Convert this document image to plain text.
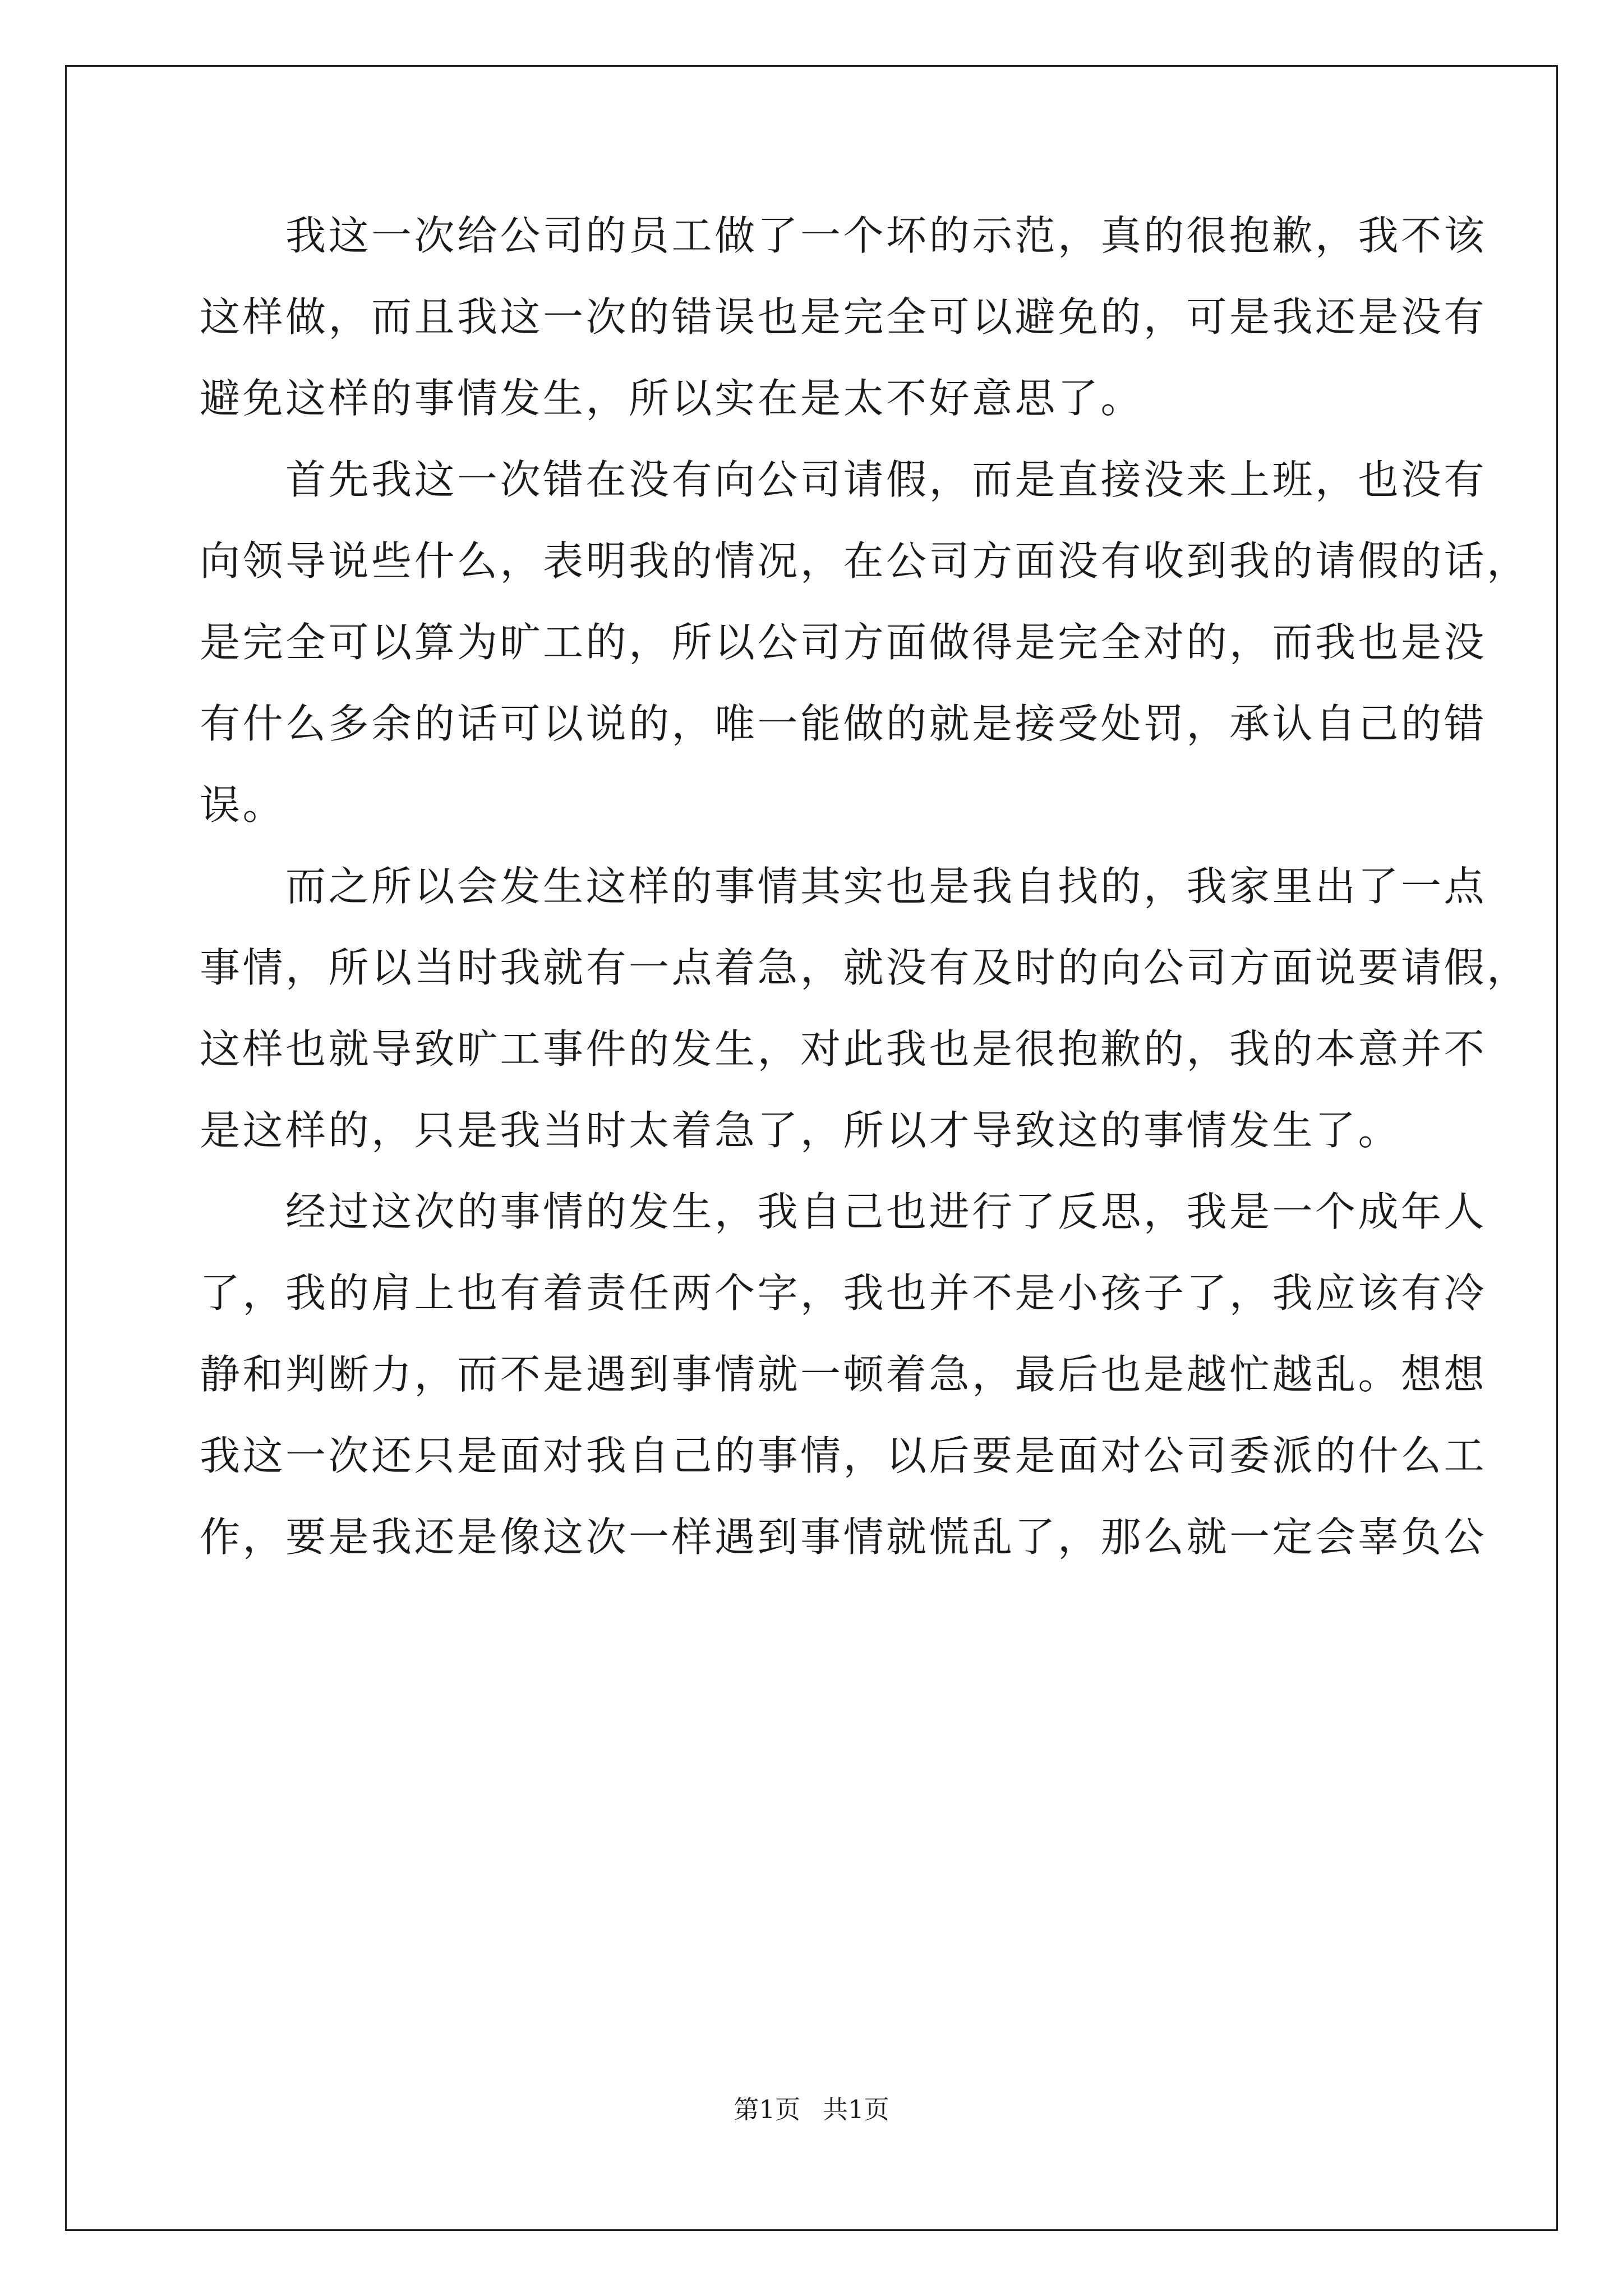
　　我这一次给公司的员工做了一个坏的示范，真的很抱歉，我不该
这样做，而且我这一次的错误也是完全可以避免的，可是我还是没有
避免这样的事情发生，所以实在是太不好意思了。
　　首先我这一次错在没有向公司请假，而是直接没来上班，也没有
向领导说些什么，表明我的情况，在公司方面没有收到我的请假的话，
是完全可以算为旷工的，所以公司方面做得是完全对的，而我也是没
有什么多余的话可以说的，唯一能做的就是接受处罚，承认自己的错
误。
　　而之所以会发生这样的事情其实也是我自找的，我家里出了一点
事情，所以当时我就有一点着急，就没有及时的向公司方面说要请假，
这样也就导致旷工事件的发生，对此我也是很抱歉的，我的本意并不
是这样的，只是我当时太着急了，所以才导致这的事情发生了。
　　经过这次的事情的发生，我自己也进行了反思，我是一个成年人
了，我的肩上也有着责任两个字，我也并不是小孩子了，我应该有冷
静和判断力，而不是遇到事情就一顿着急，最后也是越忙越乱。想想
我这一次还只是面对我自己的事情，以后要是面对公司委派的什么工
作，要是我还是像这次一样遇到事情就慌乱了，那么就一定会辜负公
第1页 共1页
